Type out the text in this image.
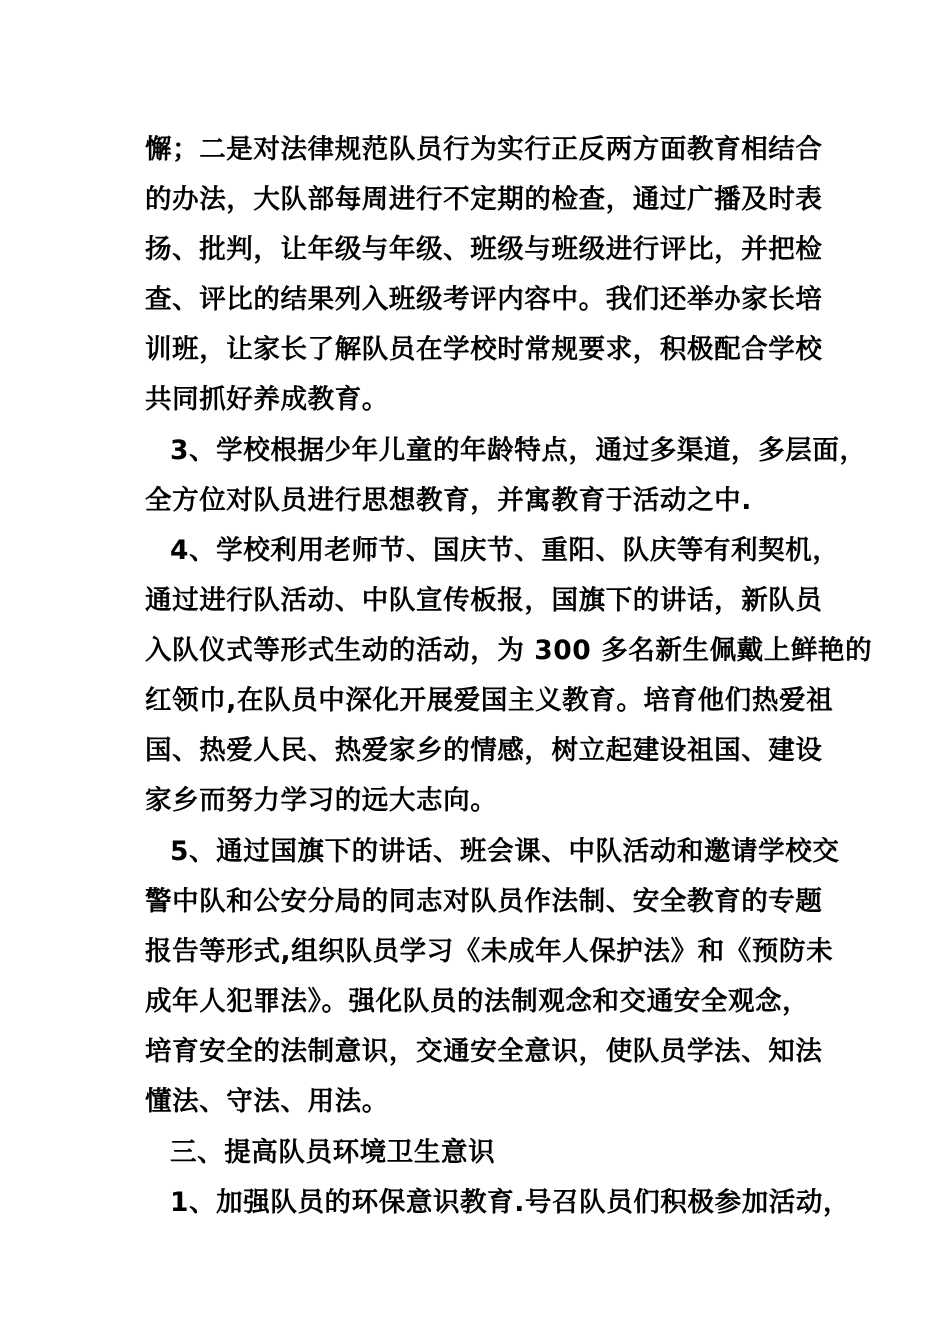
懈；二是对法律规范队员行为实行正反两方面教育相结合
的办法，大队部每周进行不定期的检查，通过广播及时表
扬、批判，让年级与年级、班级与班级进行评比，并把检
查、评比的结果列入班级考评内容中。我们还举办家长培
训班，让家长了解队员在学校时常规要求，积极配合学校
共同抓好养成教育。
3、学校根据少年儿童的年龄特点，通过多渠道，多层面，
全方位对队员进行思想教育，并寓教育于活动之中.
4、学校利用老师节、国庆节、重阳、队庆等有利契机，
通过进行队活动、中队宣传板报，国旗下的讲话，新队员
入队仪式等形式生动的活动，为 300 多名新生佩戴上鲜艳的
红领巾,在队员中深化开展爱国主义教育。培育他们热爱祖
国、热爱人民、热爱家乡的情感，树立起建设祖国、建设
家乡而努力学习的远大志向。
5、通过国旗下的讲话、班会课、中队活动和邀请学校交
警中队和公安分局的同志对队员作法制、安全教育的专题
报告等形式,组织队员学习《未成年人保护法》和《预防未
成年人犯罪法》。强化队员的法制观念和交通安全观念，
培育安全的法制意识，交通安全意识，使队员学法、知法
懂法、守法、用法。
三、提高队员环境卫生意识
1、加强队员的环保意识教育.号召队员们积极参加活动，
